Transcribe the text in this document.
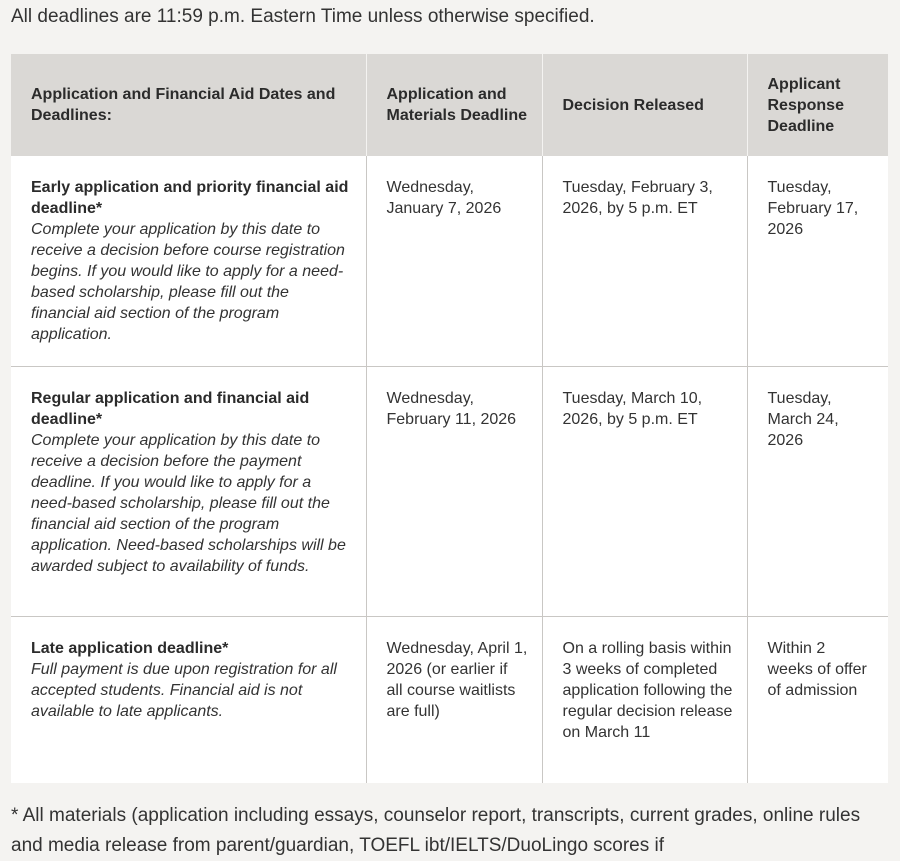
All deadlines are 11:59 p.m. Eastern Time unless otherwise specified.
Application and Financial Aid Dates and Deadlines:	Application and Materials Deadline	Decision Released	Applicant Response Deadline

Early application and priority financial aid deadline*
Complete your application by this date to receive a decision before course registration begins. If you would like to apply for a need-based scholarship, please fill out the financial aid section of the program application.	Wednesday, January 7, 2026	Tuesday, February 3, 2026, by 5 p.m. ET	Tuesday, February 17, 2026

Regular application and financial aid deadline*
Complete your application by this date to receive a decision before the payment deadline. If you would like to apply for a need-based scholarship, please fill out the financial aid section of the program application. Need-based scholarships will be awarded subject to availability of funds.	Wednesday, February 11, 2026	Tuesday, March 10, 2026, by 5 p.m. ET	Tuesday, March 24, 2026

Late application deadline*
Full payment is due upon registration for all accepted students. Financial aid is not available to late applicants.	Wednesday, April 1, 2026 (or earlier if all course waitlists are full)	On a rolling basis within 3 weeks of completed application following the regular decision release on March 11	Within 2 weeks of offer of admission
* All materials (application including essays, counselor report, transcripts, current grades, online rules and media release from parent/guardian, TOEFL ibt/IELTS/DuoLingo scores if
